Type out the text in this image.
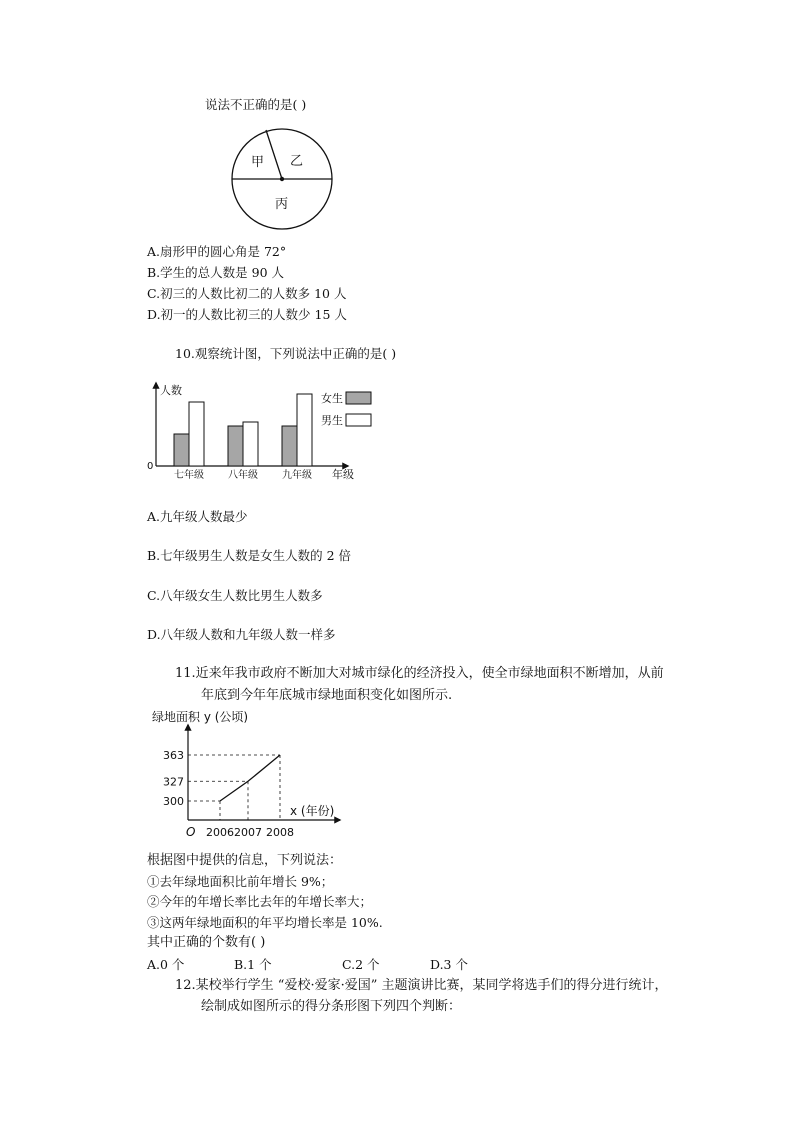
说法不正确的是( )
甲 乙
丙
A.扇形甲的圆心角是 72°
B.学生的总人数是 90 人
C.初三的人数比初二的人数多 10 人
D.初一的人数比初三的人数少 15 人
10.观察统计图，下列说法中正确的是( )
人数
年级
0
七年级 八年级 九年级
女生
男生
A.九年级人数最少
B.七年级男生人数是女生人数的 2 倍
C.八年级女生人数比男生人数多
D.八年级人数和九年级人数一样多
11.近来年我市政府不断加大对城市绿化的经济投入，使全市绿地面积不断增加，从前
年底到今年年底城市绿地面积变化如图所示.
绿地面积 y (公顷)
x (年份)
O
300
2006
327
2007
363
2008
根据图中提供的信息，下列说法：
①去年绿地面积比前年增长 9%；
②今年的年增长率比去年的年增长率大；
③这两年绿地面积的年平均增长率是 10%.
其中正确的个数有( )
A.0 个	B.1 个	C.2 个	D.3 个
12.某校举行学生 “爱校·爱家·爱国” 主题演讲比赛，某同学将选手们的得分进行统计，
绘制成如图所示的得分条形图下列四个判断：
